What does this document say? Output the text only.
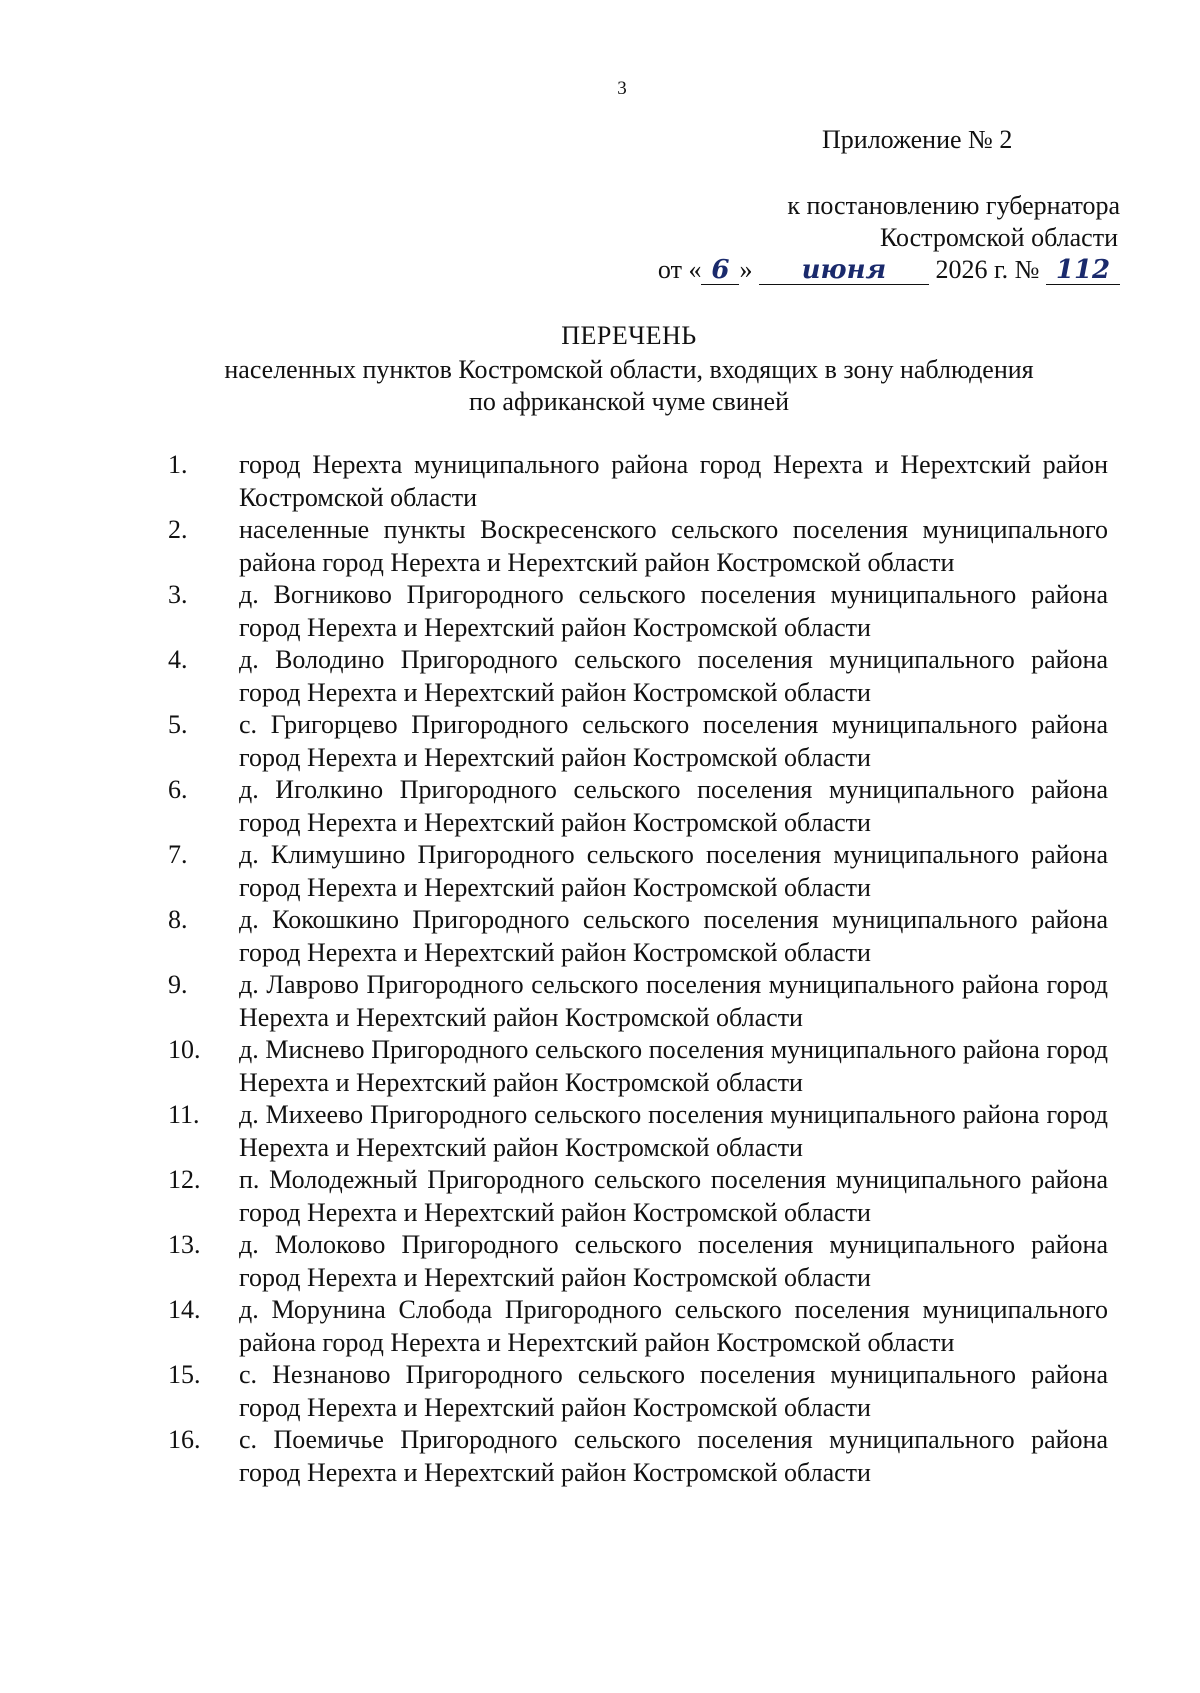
3
Приложение № 2
к постановлению губернатора
Костромской области
от « 6 » июня 2026 г. № 112
ПЕРЕЧЕНЬ
населенных пунктов Костромской области, входящих в зону наблюдения
по африканской чуме свиней
1.	город Нерехта муниципального района город Нерехта и Нерехтский район Костромской области
2.	населенные пункты Воскресенского сельского поселения муниципального района город Нерехта и Нерехтский район Костромской области
3.	д. Вогниково Пригородного сельского поселения муниципального района город Нерехта и Нерехтский район Костромской области
4.	д. Володино Пригородного сельского поселения муниципального района город Нерехта и Нерехтский район Костромской области
5.	с. Григорцево Пригородного сельского поселения муниципального района город Нерехта и Нерехтский район Костромской области
6.	д. Иголкино Пригородного сельского поселения муниципального района город Нерехта и Нерехтский район Костромской области
7.	д. Климушино Пригородного сельского поселения муниципального района город Нерехта и Нерехтский район Костромской области
8.	д. Кокошкино Пригородного сельского поселения муниципального района город Нерехта и Нерехтский район Костромской области
9.	д. Лаврово Пригородного сельского поселения муниципального района город Нерехта и Нерехтский район Костромской области
10.	д. Миснево Пригородного сельского поселения муниципального района город Нерехта и Нерехтский район Костромской области
11.	д. Михеево Пригородного сельского поселения муниципального района город Нерехта и Нерехтский район Костромской области
12.	п. Молодежный Пригородного сельского поселения муниципального района город Нерехта и Нерехтский район Костромской области
13.	д. Молоково Пригородного сельского поселения муниципального района город Нерехта и Нерехтский район Костромской области
14.	д. Морунина Слобода Пригородного сельского поселения муниципального района город Нерехта и Нерехтский район Костромской области
15.	с. Незнаново Пригородного сельского поселения муниципального района город Нерехта и Нерехтский район Костромской области
16.	с. Поемичье Пригородного сельского поселения муниципального района город Нерехта и Нерехтский район Костромской области
